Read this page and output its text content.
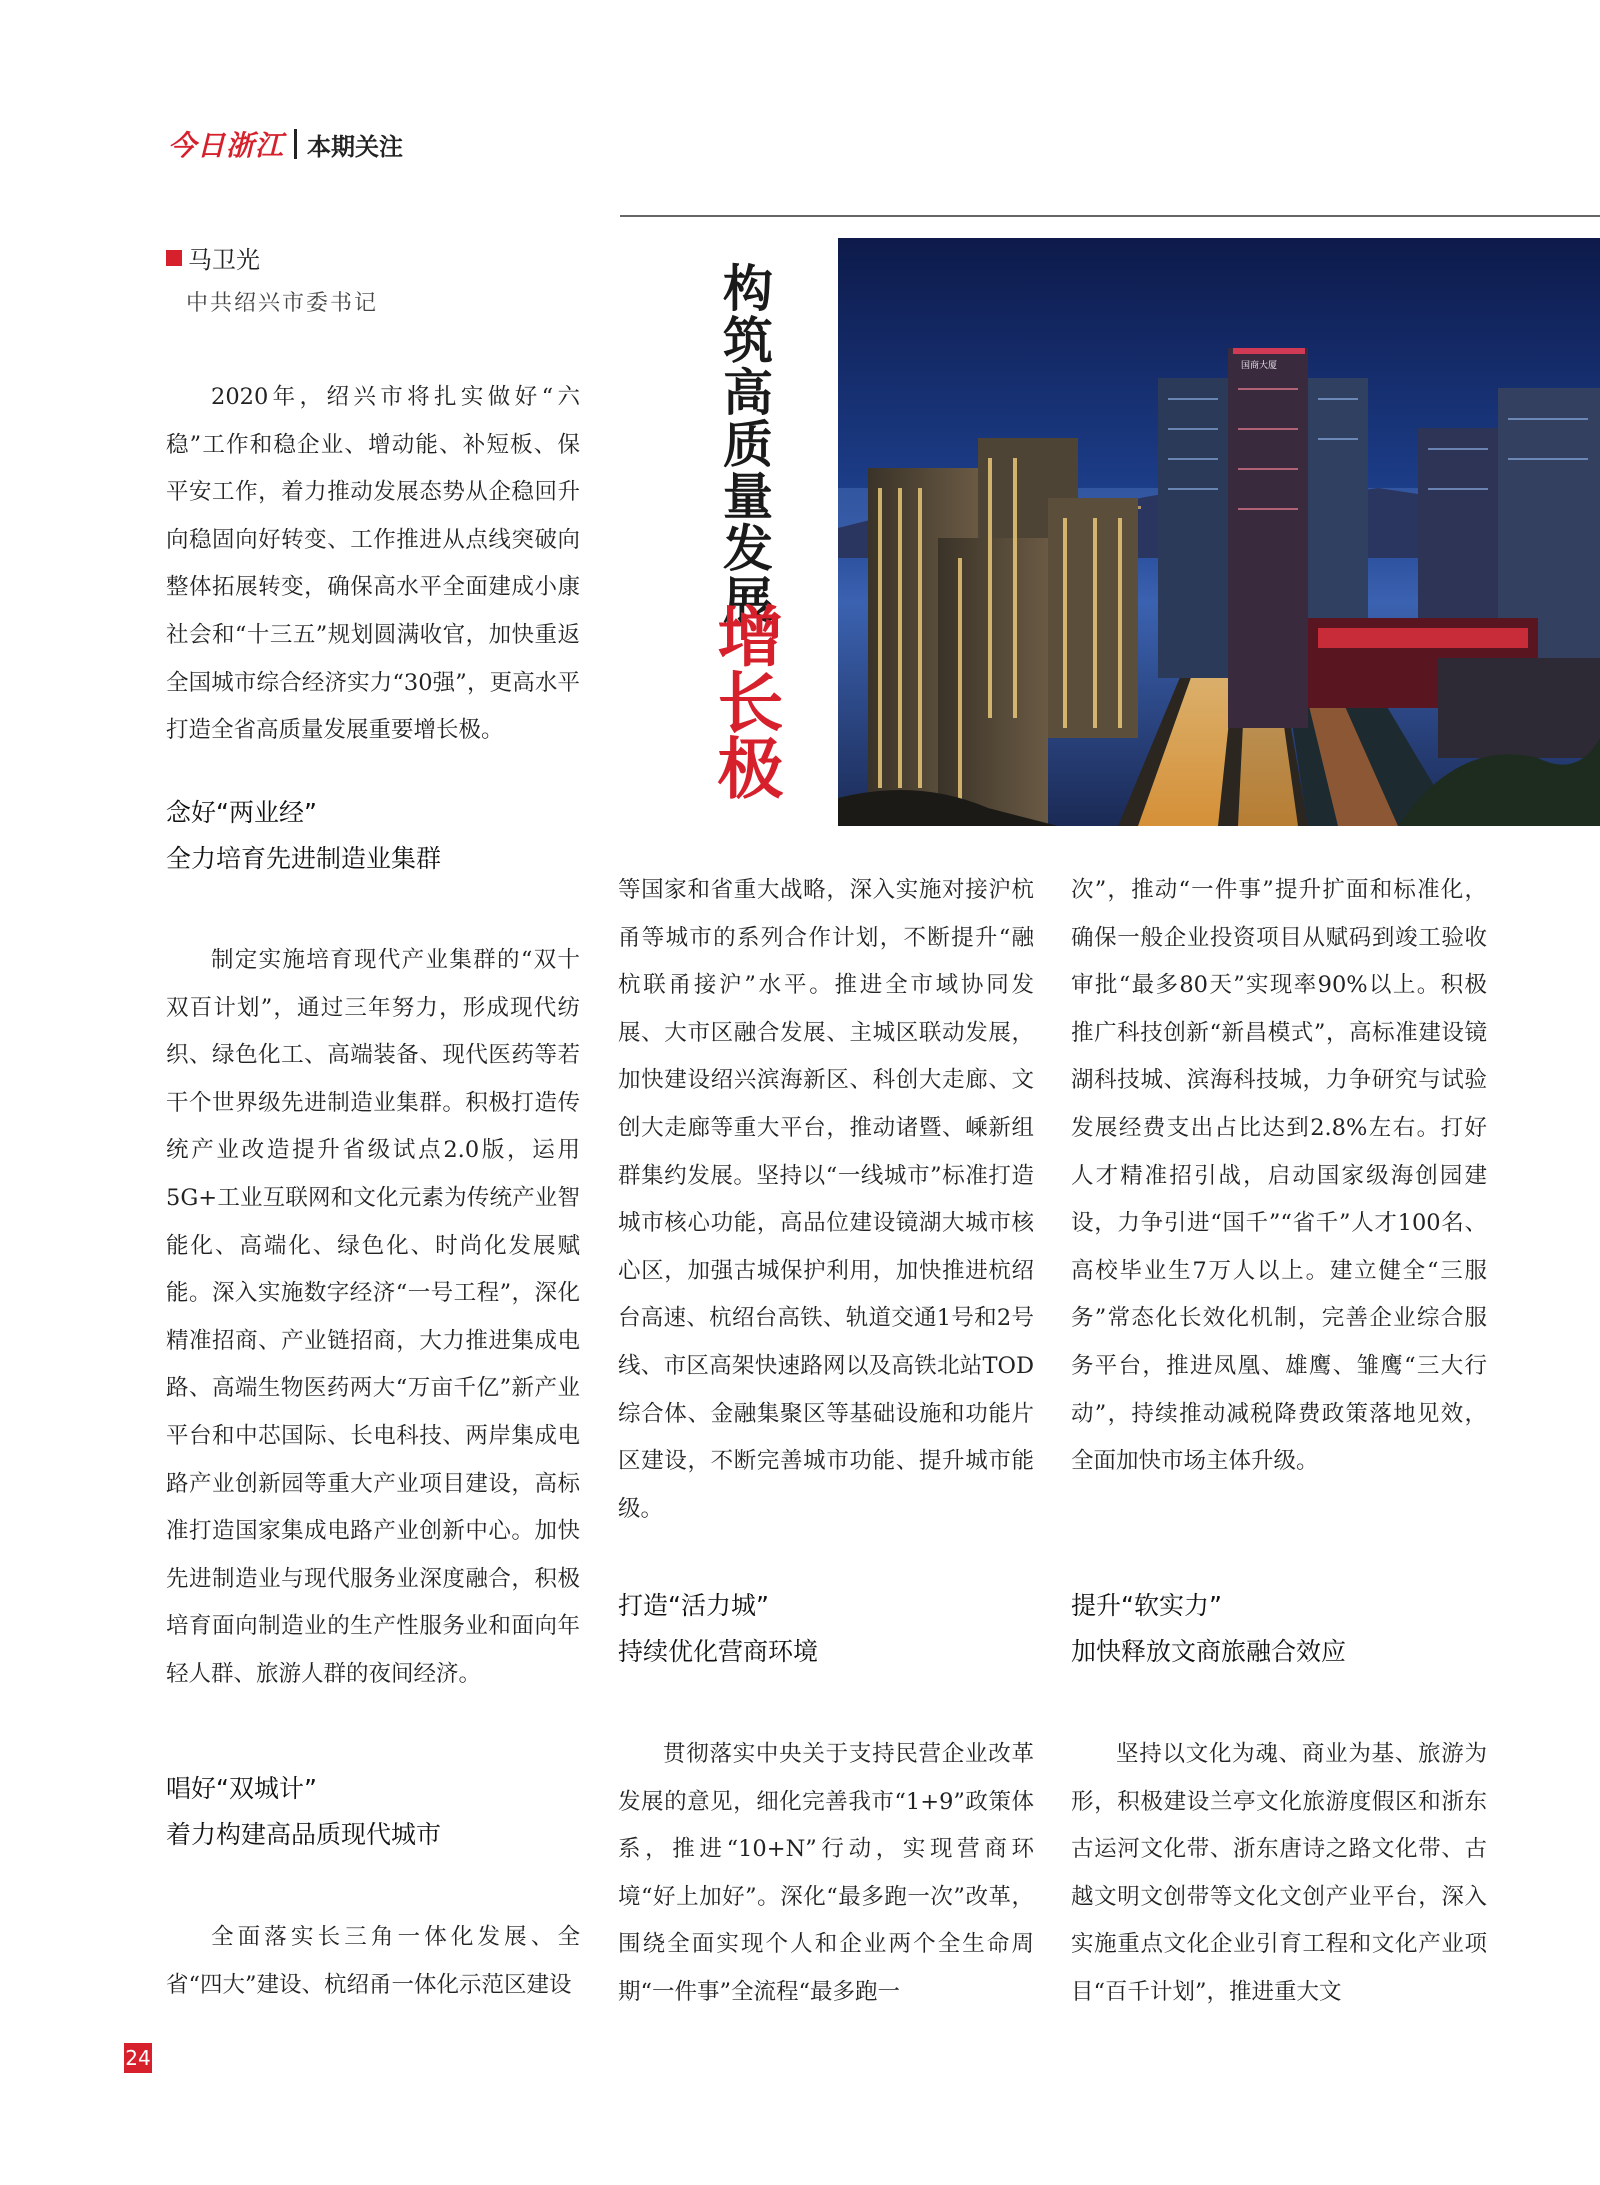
今日浙江 本期关注
马卫光
中共绍兴市委书记

2020年，绍兴市将扎实做好“六稳”工作和稳企业、增动能、补短板、保平安工作，着力推动发展态势从企稳回升向稳固向好转变、工作推进从点线突破向整体拓展转变，确保高水平全面建成小康社会和“十三五”规划圆满收官，加快重返全国城市综合经济实力“30强”，更高水平打造全省高质量发展重要增长极。

念好“两业经”
全力培育先进制造业集群

制定实施培育现代产业集群的“双十双百计划”，通过三年努力，形成现代纺织、绿色化工、高端装备、现代医药等若干个世界级先进制造业集群。积极打造传统产业改造提升省级试点2.0版，运用5G+工业互联网和文化元素为传统产业智能化、高端化、绿色化、时尚化发展赋能。深入实施数字经济“一号工程”，深化精准招商、产业链招商，大力推进集成电路、高端生物医药两大“万亩千亿”新产业平台和中芯国际、长电科技、两岸集成电路产业创新园等重大产业项目建设，高标准打造国家集成电路产业创新中心。加快先进制造业与现代服务业深度融合，积极培育面向制造业的生产性服务业和面向年轻人群、旅游人群的夜间经济。

唱好“双城计”
着力构建高品质现代城市

全面落实长三角一体化发展、全省“四大”建设、杭绍甬一体化示范区建设

构筑高质量发展
增长极
国商大厦

等国家和省重大战略，深入实施对接沪杭甬等城市的系列合作计划，不断提升“融杭联甬接沪”水平。推进全市域协同发展、大市区融合发展、主城区联动发展，加快建设绍兴滨海新区、科创大走廊、文创大走廊等重大平台，推动诸暨、嵊新组群集约发展。坚持以“一线城市”标准打造城市核心功能，高品位建设镜湖大城市核心区，加强古城保护利用，加快推进杭绍台高速、杭绍台高铁、轨道交通1号和2号线、市区高架快速路网以及高铁北站TOD综合体、金融集聚区等基础设施和功能片区建设，不断完善城市功能、提升城市能级。

打造“活力城”
持续优化营商环境

贯彻落实中央关于支持民营企业改革发展的意见，细化完善我市“1+9”政策体系，推进“10+N”行动，实现营商环境“好上加好”。深化“最多跑一次”改革，围绕全面实现个人和企业两个全生命周期“一件事”全流程“最多跑一

次”，推动“一件事”提升扩面和标准化，确保一般企业投资项目从赋码到竣工验收审批“最多80天”实现率90%以上。积极推广科技创新“新昌模式”，高标准建设镜湖科技城、滨海科技城，力争研究与试验发展经费支出占比达到2.8%左右。打好人才精准招引战，启动国家级海创园建设，力争引进“国千”“省千”人才100名、高校毕业生7万人以上。建立健全“三服务”常态化长效化机制，完善企业综合服务平台，推进凤凰、雄鹰、雏鹰“三大行动”，持续推动减税降费政策落地见效，全面加快市场主体升级。

提升“软实力”
加快释放文商旅融合效应

坚持以文化为魂、商业为基、旅游为形，积极建设兰亭文化旅游度假区和浙东古运河文化带、浙东唐诗之路文化带、古越文明文创带等文化文创产业平台，深入实施重点文化企业引育工程和文化产业项目“百千计划”，推进重大文

24
